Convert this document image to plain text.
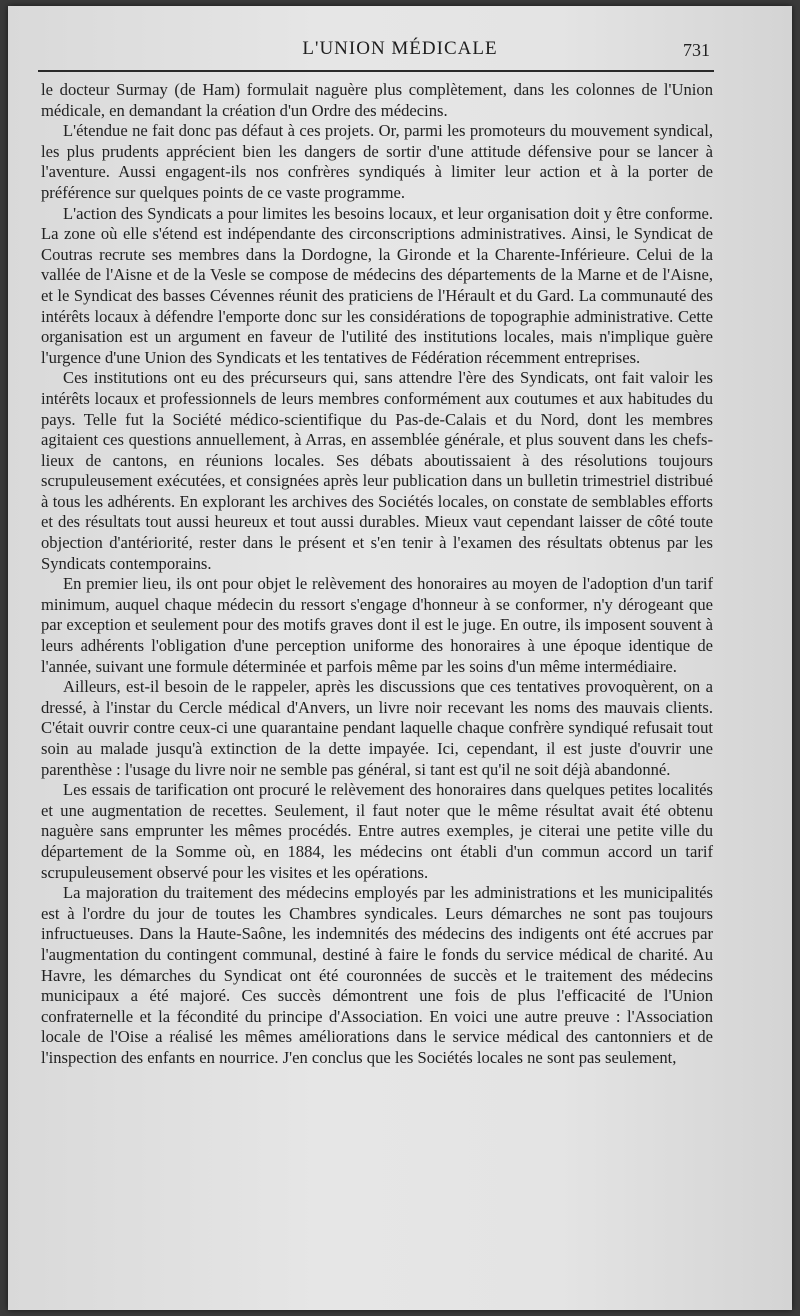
L'UNION MÉDICALE	731

le docteur Surmay (de Ham) formulait naguère plus complètement, dans les colonnes de l'Union médicale, en demandant la création d'un Ordre des médecins.

L'étendue ne fait donc pas défaut à ces projets. Or, parmi les promoteurs du mouvement syndical, les plus prudents apprécient bien les dangers de sortir d'une attitude défensive pour se lancer à l'aventure. Aussi engagent-ils nos confrères syndiqués à limiter leur action et à la porter de préférence sur quelques points de ce vaste programme.

L'action des Syndicats a pour limites les besoins locaux, et leur organisation doit y être conforme. La zone où elle s'étend est indépendante des circonscriptions administratives. Ainsi, le Syndicat de Coutras recrute ses membres dans la Dordogne, la Gironde et la Charente-Inférieure. Celui de la vallée de l'Aisne et de la Vesle se compose de médecins des départements de la Marne et de l'Aisne, et le Syndicat des basses Cévennes réunit des praticiens de l'Hérault et du Gard. La communauté des intérêts locaux à défendre l'emporte donc sur les considérations de topographie administrative. Cette organisation est un argument en faveur de l'utilité des institutions locales, mais n'implique guère l'urgence d'une Union des Syndicats et les tentatives de Fédération récemment entreprises.

Ces institutions ont eu des précurseurs qui, sans attendre l'ère des Syndicats, ont fait valoir les intérêts locaux et professionnels de leurs membres conformément aux coutumes et aux habitudes du pays. Telle fut la Société médico-scientifique du Pas-de-Calais et du Nord, dont les membres agitaient ces questions annuellement, à Arras, en assemblée générale, et plus souvent dans les chefs-lieux de cantons, en réunions locales. Ses débats aboutissaient à des résolutions toujours scrupuleusement exécutées, et consignées après leur publication dans un bulletin trimestriel distribué à tous les adhérents. En explorant les archives des Sociétés locales, on constate de semblables efforts et des résultats tout aussi heureux et tout aussi durables. Mieux vaut cependant laisser de côté toute objection d'antériorité, rester dans le présent et s'en tenir à l'examen des résultats obtenus par les Syndicats contemporains.

En premier lieu, ils ont pour objet le relèvement des honoraires au moyen de l'adoption d'un tarif minimum, auquel chaque médecin du ressort s'engage d'honneur à se conformer, n'y dérogeant que par exception et seulement pour des motifs graves dont il est le juge. En outre, ils imposent souvent à leurs adhérents l'obligation d'une perception uniforme des honoraires à une époque identique de l'année, suivant une formule déterminée et parfois même par les soins d'un même intermédiaire.

Ailleurs, est-il besoin de le rappeler, après les discussions que ces tentatives provoquèrent, on a dressé, à l'instar du Cercle médical d'Anvers, un livre noir recevant les noms des mauvais clients. C'était ouvrir contre ceux-ci une quarantaine pendant laquelle chaque confrère syndiqué refusait tout soin au malade jusqu'à extinction de la dette impayée. Ici, cependant, il est juste d'ouvrir une parenthèse : l'usage du livre noir ne semble pas général, si tant est qu'il ne soit déjà abandonné.

Les essais de tarification ont procuré le relèvement des honoraires dans quelques petites localités et une augmentation de recettes. Seulement, il faut noter que le même résultat avait été obtenu naguère sans emprunter les mêmes procédés. Entre autres exemples, je citerai une petite ville du département de la Somme où, en 1884, les médecins ont établi d'un commun accord un tarif scrupuleusement observé pour les visites et les opérations.

La majoration du traitement des médecins employés par les administrations et les municipalités est à l'ordre du jour de toutes les Chambres syndicales. Leurs démarches ne sont pas toujours infructueuses. Dans la Haute-Saône, les indemnités des médecins des indigents ont été accrues par l'augmentation du contingent communal, destiné à faire le fonds du service médical de charité. Au Havre, les démarches du Syndicat ont été couronnées de succès et le traitement des médecins municipaux a été majoré. Ces succès démontrent une fois de plus l'efficacité de l'Union confraternelle et la fécondité du principe d'Association. En voici une autre preuve : l'Association locale de l'Oise a réalisé les mêmes améliorations dans le service médical des cantonniers et de l'inspection des enfants en nourrice. J'en conclus que les Sociétés locales ne sont pas seulement,
